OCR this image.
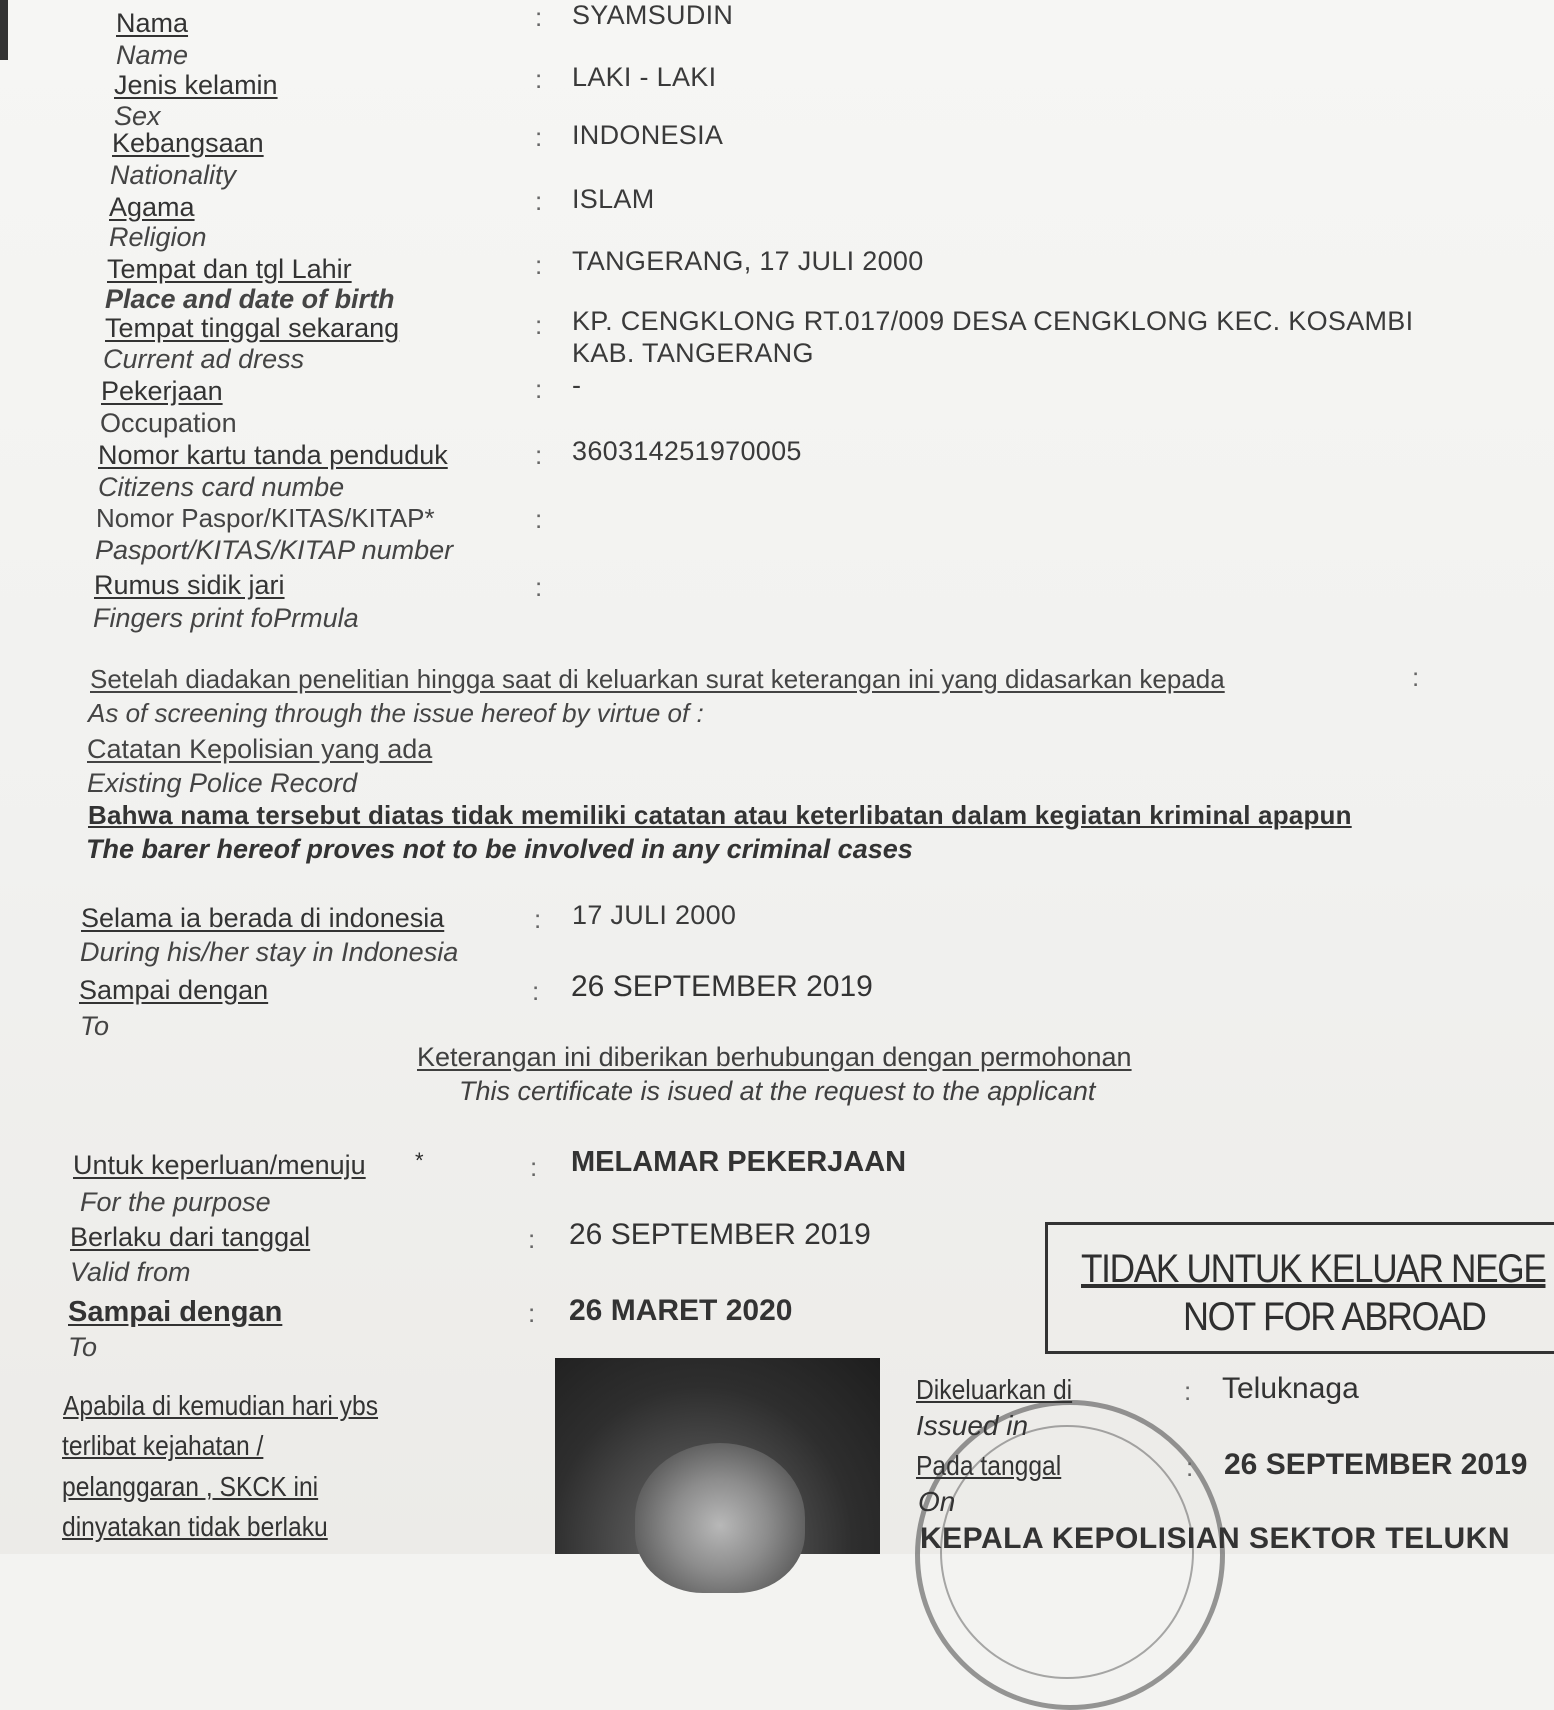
Nama
Name
: SYAMSUDIN
Jenis kelamin
Sex
: LAKI - LAKI
Kebangsaan
Nationality
: INDONESIA
Agama
Religion
: ISLAM
Tempat dan tgl Lahir
Place and date of birth
: TANGERANG, 17 JULI 2000
Tempat tinggal sekarang
Current ad dress
: KP. CENGKLONG RT.017/009 DESA CENGKLONG KEC. KOSAMBI
KAB. TANGERANG
Pekerjaan
Occupation
: -
Nomor kartu tanda penduduk
Citizens card numbe
: 360314251970005
Nomor Paspor/KITAS/KITAP*
Pasport/KITAS/KITAP number
:
Rumus sidik jari
Fingers print foPrmula
:
Setelah diadakan penelitian hingga saat di keluarkan surat keterangan ini yang didasarkan kepada	:
As of screening through the issue hereof by virtue of :
Catatan Kepolisian yang ada
Existing Police Record
Bahwa nama tersebut diatas tidak memiliki catatan atau keterlibatan dalam kegiatan kriminal apapun
The barer hereof proves not to be involved in any criminal cases
Selama ia berada di indonesia
During his/her stay in Indonesia
: 17 JULI 2000
Sampai dengan
To
: 26 SEPTEMBER 2019
Keterangan ini diberikan berhubungan dengan permohonan
This certificate is isued at the request to the applicant
Untuk keperluan/menuju *
For the purpose
: MELAMAR PEKERJAAN
Berlaku dari tanggal
Valid from
: 26 SEPTEMBER 2019
Sampai dengan
To
: 26 MARET 2020
TIDAK UNTUK KELUAR NEGE
NOT FOR ABROAD
Apabila di kemudian hari ybs
terlibat kejahatan /
pelanggaran , SKCK ini
dinyatakan tidak berlaku
Dikeluarkan di
Issued in
: Teluknaga
Pada tanggal
On
: 26 SEPTEMBER 2019
KEPALA KEPOLISIAN SEKTOR TELUKN
